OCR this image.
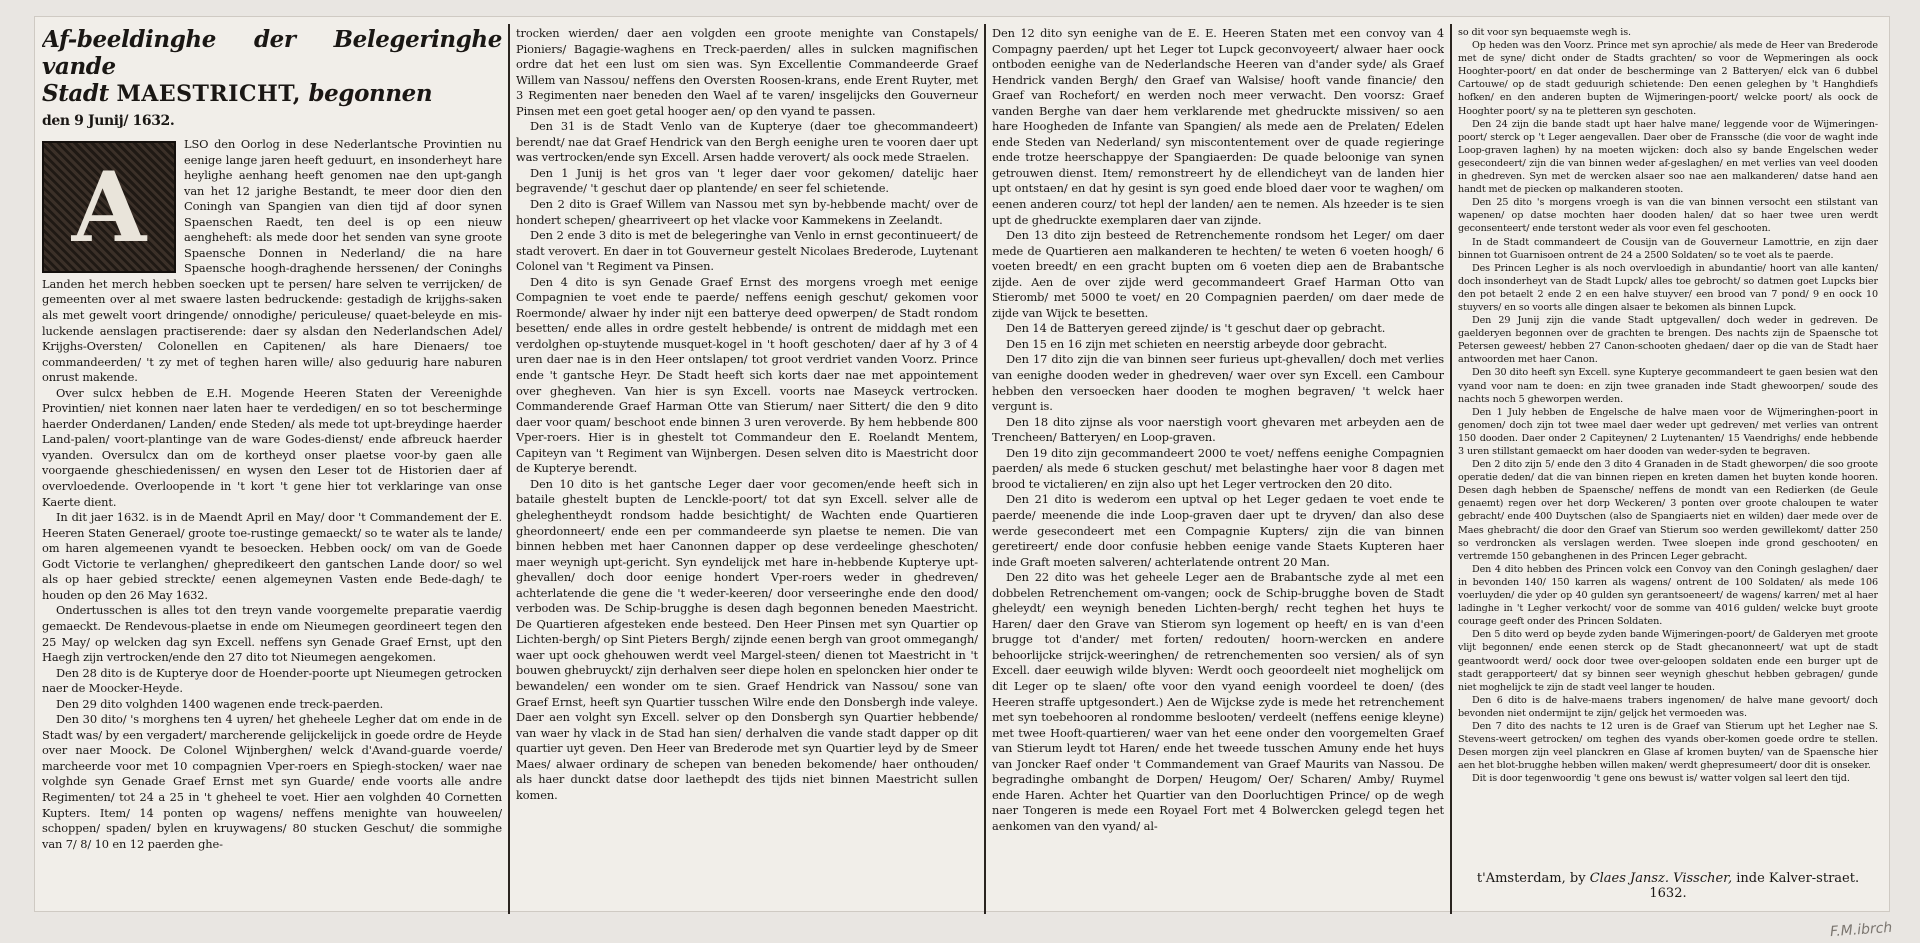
Af-beeldinghe der Belegeringhe vande
Stadt MAESTRICHT, begonnen
den 9 Junij/ 1632.
A

LSO den Oorlog in dese Nederlantsche Provintien nu eenige lange jaren heeft geduurt, en insonderheyt hare heylighe aenhang heeft genomen nae den upt-gangh van het 12 jarighe Bestandt, te meer door dien den Coningh van Spangien van dien tijd af door synen Spaenschen Raedt, ten deel is op een nieuw aengheheft: als mede door het senden van syne groote Spaensche Donnen in Nederland/ die na hare Spaensche hoogh-draghende herssenen/ der Coninghs Landen het merch hebben soecken upt te persen/ hare selven te verrijcken/ de gemeenten over al met swaere lasten bedruckende: gestadigh de krijghs-saken als met gewelt voort dringende/ onnodighe/ periculeuse/ quaet-beleyde en mis-luckende aenslagen practiserende: daer sy alsdan den Nederlandschen Adel/ Krijghs-Oversten/ Colonellen en Capitenen/ als hare Dienaers/ toe commandeerden/ 't zy met of teghen haren wille/ also geduurig hare naburen onrust makende.

Over sulcx hebben de E.H. Mogende Heeren Staten der Vereenighde Provintien/ niet konnen naer laten haer te verdedigen/ en so tot bescherminge haerder Onderdanen/ Landen/ ende Steden/ als mede tot upt-breydinge haerder Land-palen/ voort-plantinge van de ware Godes-dienst/ ende afbreuck haerder vyanden. Oversulcx dan om de kortheyd onser plaetse voor-by gaen alle voorgaende gheschiedenissen/ en wysen den Leser tot de Historien daer af overvloedende. Overloopende in 't kort 't gene hier tot verklaringe van onse Kaerte dient.

In dit jaer 1632. is in de Maendt April en May/ door 't Commandement der E. Heeren Staten Generael/ groote toe-rustinge gemaeckt/ so te water als te lande/ om haren algemeenen vyandt te besoecken. Hebben oock/ om van de Goede Godt Victorie te verlanghen/ ghepredikeert den gantschen Lande door/ so wel als op haer gebied streckte/ eenen algemeynen Vasten ende Bede-dagh/ te houden op den 26 May 1632.

Ondertusschen is alles tot den treyn vande voorgemelte preparatie vaerdig gemaeckt. De Rendevous-plaetse in ende om Nieumegen geordineert tegen den 25 May/ op welcken dag syn Excell. neffens syn Genade Graef Ernst, upt den Haegh zijn vertrocken/ende den 27 dito tot Nieumegen aengekomen.

Den 28 dito is de Kupterye door de Hoender-poorte upt Nieumegen getrocken naer de Moocker-Heyde.

Den 29 dito volghden 1400 wagenen ende treck-paerden.

Den 30 dito/ 's morghens ten 4 uyren/ het gheheele Legher dat om ende in de Stadt was/ by een vergadert/ marcherende gelijckelijck in goede ordre de Heyde over naer Moock. De Colonel Wijnberghen/ welck d'Avand-guarde voerde/ marcheerde voor met 10 compagnien Vper-roers en Spiegh-stocken/ waer nae volghde syn Genade Graef Ernst met syn Guarde/ ende voorts alle andre Regimenten/ tot 24 a 25 in 't gheheel te voet. Hier aen volghden 40 Cornetten Kupters. Item/ 14 ponten op wagens/ neffens menighte van houweelen/ schoppen/ spaden/ bylen en kruywagens/ 80 stucken Geschut/ die sommighe van 7/ 8/ 10 en 12 paerden ghe-

trocken wierden/ daer aen volgden een groote menighte van Constapels/ Pioniers/ Bagagie-waghens en Treck-paerden/ alles in sulcken magnifischen ordre dat het een lust om sien was. Syn Excellentie Commandeerde Graef Willem van Nassou/ neffens den Oversten Roosen-krans, ende Erent Ruyter, met 3 Regimenten naer beneden den Wael af te varen/ insgelijcks den Gouverneur Pinsen met een goet getal hooger aen/ op den vyand te passen.

Den 31 is de Stadt Venlo van de Kupterye (daer toe ghecommandeert) berendt/ nae dat Graef Hendrick van den Bergh eenighe uren te vooren daer upt was vertrocken/ende syn Excell. Arsen hadde verovert/ als oock mede Straelen.

Den 1 Junij is het gros van 't leger daer voor gekomen/ datelijc haer begravende/ 't geschut daer op plantende/ en seer fel schietende.

Den 2 dito is Graef Willem van Nassou met syn by-hebbende macht/ over de hondert schepen/ ghearriveert op het vlacke voor Kammekens in Zeelandt.

Den 2 ende 3 dito is met de belegeringhe van Venlo in ernst gecontinueert/ de stadt verovert. En daer in tot Gouverneur gestelt Nicolaes Brederode, Luytenant Colonel van 't Regiment va Pinsen.

Den 4 dito is syn Genade Graef Ernst des morgens vroegh met eenige Compagnien te voet ende te paerde/ neffens eenigh geschut/ gekomen voor Roermonde/ alwaer hy inder nijt een batterye deed opwerpen/ de Stadt rondom besetten/ ende alles in ordre gestelt hebbende/ is ontrent de middagh met een verdolghen op-stuytende musquet-kogel in 't hooft geschoten/ daer af hy 3 of 4 uren daer nae is in den Heer ontslapen/ tot groot verdriet vanden Voorz. Prince ende 't gantsche Heyr. De Stadt heeft sich korts daer nae met appointement over ghegheven. Van hier is syn Excell. voorts nae Maseyck vertrocken. Commanderende Graef Harman Otte van Stierum/ naer Sittert/ die den 9 dito daer voor quam/ beschoot ende binnen 3 uren veroverde. By hem hebbende 800 Vper-roers. Hier is in ghestelt tot Commandeur den E. Roelandt Mentem, Capiteyn van 't Regiment van Wijnbergen. Desen selven dito is Maestricht door de Kupterye berendt.

Den 10 dito is het gantsche Leger daer voor gecomen/ende heeft sich in bataile ghestelt bupten de Lenckle-poort/ tot dat syn Excell. selver alle de gheleghentheydt rondsom hadde besichtight/ de Wachten ende Quartieren gheordonneert/ ende een per commandeerde syn plaetse te nemen. Die van binnen hebben met haer Canonnen dapper op dese verdeelinge gheschoten/ maer weynigh upt-gericht. Syn eyndelijck met hare in-hebbende Kupterye upt-ghevallen/ doch door eenige hondert Vper-roers weder in ghedreven/ achterlatende die gene die 't weder-keeren/ door verseeringhe ende den dood/ verboden was. De Schip-brugghe is desen dagh begonnen beneden Maestricht. De Quartieren afgesteken ende besteed. Den Heer Pinsen met syn Quartier op Lichten-bergh/ op Sint Pieters Bergh/ zijnde eenen bergh van groot ommegangh/ waer upt oock ghehouwen werdt veel Margel-steen/ dienen tot Maestricht in 't bouwen ghebruyckt/ zijn derhalven seer diepe holen en speloncken hier onder te bewandelen/ een wonder om te sien. Graef Hendrick van Nassou/ sone van Graef Ernst, heeft syn Quartier tusschen Wilre ende den Donsbergh inde valeye. Daer aen volght syn Excell. selver op den Donsbergh syn Quartier hebbende/ van waer hy vlack in de Stad han sien/ derhalven die vande stadt dapper op dit quartier uyt geven. Den Heer van Brederode met syn Quartier leyd by de Smeer Maes/ alwaer ordinary de schepen van beneden bekomende/ haer onthouden/ als haer dunckt datse door laethepdt des tijds niet binnen Maestricht sullen komen.

Den 12 dito syn eenighe van de E. E. Heeren Staten met een convoy van 4 Compagny paerden/ upt het Leger tot Lupck geconvoyeert/ alwaer haer oock ontboden eenighe van de Nederlandsche Heeren van d'ander syde/ als Graef Hendrick vanden Bergh/ den Graef van Walsise/ hooft vande financie/ den Graef van Rochefort/ en werden noch meer verwacht. Den voorsz: Graef vanden Berghe van daer hem verklarende met ghedruckte missiven/ so aen hare Hoogheden de Infante van Spangien/ als mede aen de Prelaten/ Edelen ende Steden van Nederland/ syn miscontentement over de quade regieringe ende trotze heerschappye der Spangiaerden: De quade beloonige van synen getrouwen dienst. Item/ remonstreert hy de ellendicheyt van de landen hier upt ontstaen/ en dat hy gesint is syn goed ende bloed daer voor te waghen/ om eenen anderen courz/ tot hepl der landen/ aen te nemen. Als hzeeder is te sien upt de ghedruckte exemplaren daer van zijnde.

Den 13 dito zijn besteed de Retrenchemente rondsom het Leger/ om daer mede de Quartieren aen malkanderen te hechten/ te weten 6 voeten hoogh/ 6 voeten breedt/ en een gracht bupten om 6 voeten diep aen de Brabantsche zijde. Aen de over zijde werd gecommandeert Graef Harman Otto van Stieromb/ met 5000 te voet/ en 20 Compagnien paerden/ om daer mede de zijde van Wijck te besetten.

Den 14 de Batteryen gereed zijnde/ is 't geschut daer op gebracht.

Den 15 en 16 zijn met schieten en neerstig arbeyde door gebracht.

Den 17 dito zijn die van binnen seer furieus upt-ghevallen/ doch met verlies van eenighe dooden weder in ghedreven/ waer over syn Excell. een Cambour hebben den versoecken haer dooden te moghen begraven/ 't welck haer vergunt is.

Den 18 dito zijnse als voor naerstigh voort ghevaren met arbeyden aen de Trencheen/ Batteryen/ en Loop-graven.

Den 19 dito zijn gecommandeert 2000 te voet/ neffens eenighe Compagnien paerden/ als mede 6 stucken geschut/ met belastinghe haer voor 8 dagen met brood te victalieren/ en zijn also upt het Leger vertrocken den 20 dito.

Den 21 dito is wederom een uptval op het Leger gedaen te voet ende te paerde/ meenende die inde Loop-graven daer upt te dryven/ dan also dese werde gesecondeert met een Compagnie Kupters/ zijn die van binnen geretireert/ ende door confusie hebben eenige vande Staets Kupteren haer inde Graft moeten salveren/ achterlatende ontrent 20 Man.

Den 22 dito was het geheele Leger aen de Brabantsche zyde al met een dobbelen Retrenchement om-vangen; oock de Schip-brugghe boven de Stadt gheleydt/ een weynigh beneden Lichten-bergh/ recht teghen het huys te Haren/ daer den Grave van Stierom syn logement op heeft/ en is van d'een brugge tot d'ander/ met forten/ redouten/ hoorn-wercken en andere behoorlijcke strijck-weeringhen/ de retrenchementen soo versien/ als of syn Excell. daer eeuwigh wilde blyven: Werdt ooch geoordeelt niet moghelijck om dit Leger op te slaen/ ofte voor den vyand eenigh voordeel te doen/ (des Heeren straffe uptgesondert.) Aen de Wijckse zyde is mede het retrenchement met syn toebehooren al rondomme beslooten/ verdeelt (neffens eenige kleyne) met twee Hooft-quartieren/ waer van het eene onder den voorgemelten Graef van Stierum leydt tot Haren/ ende het tweede tusschen Amuny ende het huys van Joncker Raef onder 't Commandement van Graef Maurits van Nassou. De begradinghe ombanght de Dorpen/ Heugom/ Oer/ Scharen/ Amby/ Ruymel ende Haren. Achter het Quartier van den Doorluchtigen Prince/ op de wegh naer Tongeren is mede een Royael Fort met 4 Bolwercken gelegd tegen het aenkomen van den vyand/ al-

so dit voor syn bequaemste wegh is.

Op heden was den Voorz. Prince met syn aprochie/ als mede de Heer van Brederode met de syne/ dicht onder de Stadts grachten/ so voor de Wepmeringen als oock Hooghter-poort/ en dat onder de bescherminge van 2 Batteryen/ elck van 6 dubbel Cartouwe/ op de stadt geduurigh schietende: Den eenen geleghen by 't Hanghdiefs hofken/ en den anderen bupten de Wijmeringen-poort/ welcke poort/ als oock de Hooghter poort/ sy na te pletteren syn geschoten.

Den 24 zijn die bande stadt upt haer halve mane/ leggende voor de Wijmeringen-poort/ sterck op 't Leger aengevallen. Daer ober de Franssche (die voor de waght inde Loop-graven laghen) hy na moeten wijcken: doch also sy bande Engelschen weder gesecondeert/ zijn die van binnen weder af-geslaghen/ en met verlies van veel dooden in ghedreven. Syn met de wercken alsaer soo nae aen malkanderen/ datse hand aen handt met de piecken op malkanderen stooten.

Den 25 dito 's morgens vroegh is van die van binnen versocht een stilstant van wapenen/ op datse mochten haer dooden halen/ dat so haer twee uren werdt geconsenteert/ ende terstont weder als voor even fel geschooten.

In de Stadt commandeert de Cousijn van de Gouverneur Lamottrie, en zijn daer binnen tot Guarnisoen ontrent de 24 a 2500 Soldaten/ so te voet als te paerde.

Des Princen Legher is als noch overvloedigh in abundantie/ hoort van alle kanten/ doch insonderheyt van de Stadt Lupck/ alles toe gebrocht/ so datmen goet Lupcks bier den pot betaelt 2 ende 2 en een halve stuyver/ een brood van 7 pond/ 9 en oock 10 stuyvers/ en so voorts alle dingen alsaer te bekomen als binnen Lupck.

Den 29 Junij zijn die vande Stadt uptgevallen/ doch weder in gedreven. De gaelderyen begonnen over de grachten te brengen. Des nachts zijn de Spaensche tot Petersen geweest/ hebben 27 Canon-schooten ghedaen/ daer op die van de Stadt haer antwoorden met haer Canon.

Den 30 dito heeft syn Excell. syne Kupterye gecommandeert te gaen besien wat den vyand voor nam te doen: en zijn twee granaden inde Stadt ghewoorpen/ soude des nachts noch 5 gheworpen werden.

Den 1 July hebben de Engelsche de halve maen voor de Wijmeringhen-poort in genomen/ doch zijn tot twee mael daer weder upt gedreven/ met verlies van ontrent 150 dooden. Daer onder 2 Capiteynen/ 2 Luytenanten/ 15 Vaendrighs/ ende hebbende 3 uren stillstant gemaeckt om haer dooden van weder-syden te begraven.

Den 2 dito zijn 5/ ende den 3 dito 4 Granaden in de Stadt gheworpen/ die soo groote operatie deden/ dat die van binnen riepen en kreten damen het buyten konde hooren. Desen dagh hebben de Spaensche/ neffens de mondt van een Redierken (de Geule genaemt) regen over het dorp Weckeren/ 3 ponten over groote chaloupen te water gebracht/ ende 400 Duytschen (also de Spangiaerts niet en wilden) daer mede over de Maes ghebracht/ die door den Graef van Stierum soo werden gewillekomt/ datter 250 so verdroncken als verslagen werden. Twee sloepen inde grond geschooten/ en vertremde 150 gebanghenen in des Princen Leger gebracht.

Den 4 dito hebben des Princen volck een Convoy van den Coningh geslaghen/ daer in bevonden 140/ 150 karren als wagens/ ontrent de 100 Soldaten/ als mede 106 voerluyden/ die yder op 40 gulden syn gerantsoeneert/ de wagens/ karren/ met al haer ladinghe in 't Legher verkocht/ voor de somme van 4016 gulden/ welcke buyt groote courage geeft onder des Princen Soldaten.

Den 5 dito werd op beyde zyden bande Wijmeringen-poort/ de Galderyen met groote vlijt begonnen/ ende eenen sterck op de Stadt ghecanonneert/ wat upt de stadt geantwoordt werd/ oock door twee over-geloopen soldaten ende een burger upt de stadt gerapporteert/ dat sy binnen seer weynigh gheschut hebben gebragen/ gunde niet moghelijck te zijn de stadt veel langer te houden.

Den 6 dito is de halve-maens trabers ingenomen/ de halve mane gevoort/ doch bevonden niet ondermijnt te zijn/ geljck het vermoeden was.

Den 7 dito des nachts te 12 uren is de Graef van Stierum upt het Legher nae S. Stevens-weert getrocken/ om teghen des vyands ober-komen goede ordre te stellen. Desen morgen zijn veel planckren en Glase af kromen buyten/ van de Spaensche hier aen het blot-brugghe hebben willen maken/ werdt ghepresumeert/ door dit is onseker.

Dit is door tegenwoordig 't gene ons bewust is/ watter volgen sal leert den tijd.

t'Amsterdam, by Claes Jansz. Visscher, inde Kalver-straet. 1632.
F.M.ibrch
